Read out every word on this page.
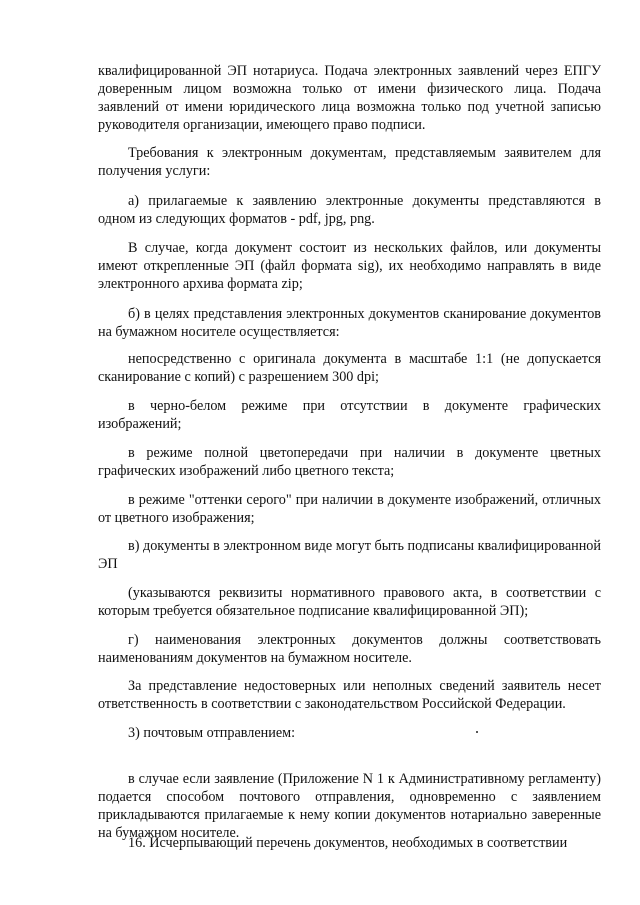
квалифицированной ЭП нотариуса. Подача электронных заявлений через ЕПГУ доверенным лицом возможна только от имени физического лица. Подача заявлений от имени юридического лица возможна только под учетной записью руководителя организации, имеющего право подписи.

Требования к электронным документам, представляемым заявителем для получения услуги:

а) прилагаемые к заявлению электронные документы представляются в одном из следующих форматов - pdf, jpg, png.

В случае, когда документ состоит из нескольких файлов, или документы имеют открепленные ЭП (файл формата sig), их необходимо направлять в виде электронного архива формата zip;

б) в целях представления электронных документов сканирование документов на бумажном носителе осуществляется:

непосредственно с оригинала документа в масштабе 1:1 (не допускается сканирование с копий) с разрешением 300 dpi;

в черно-белом режиме при отсутствии в документе графических изображений;

в режиме полной цветопередачи при наличии в документе цветных графических изображений либо цветного текста;

в режиме "оттенки серого" при наличии в документе изображений, отличных от цветного изображения;

в) документы в электронном виде могут быть подписаны квалифицированной ЭП

(указываются реквизиты нормативного правового акта, в соответствии с которым требуется обязательное подписание квалифицированной ЭП);

г) наименования электронных документов должны соответствовать наименованиям документов на бумажном носителе.

За представление недостоверных или неполных сведений заявитель несет ответственность в соответствии с законодательством Российской Федерации.

3) почтовым отправлением:

в случае если заявление (Приложение N 1 к Административному регламенту) подается способом почтового отправления, одновременно с заявлением прикладываются прилагаемые к нему копии документов нотариально заверенные на бумажном носителе.

16. Исчерпывающий перечень документов, необходимых в соответствии
